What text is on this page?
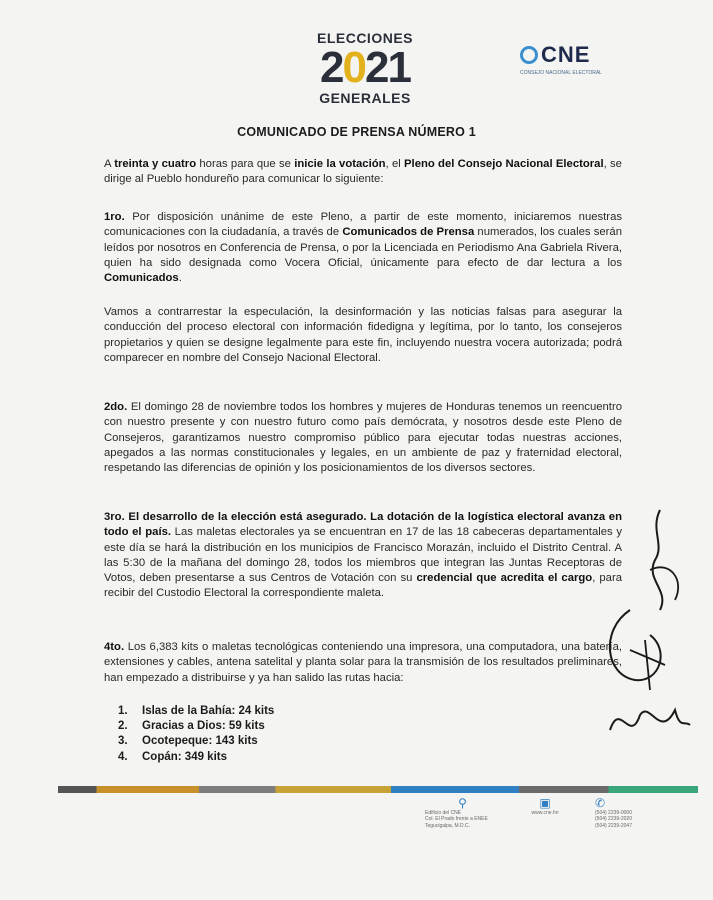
ELECCIONES
2021
GENERALES
CNE
CONSEJO NACIONAL ELECTORAL
COMUNICADO DE PRENSA NÚMERO 1
A treinta y cuatro horas para que se inicie la votación, el Pleno del Consejo Nacional Electoral, se dirige al Pueblo hondureño para comunicar lo siguiente:
1ro. Por disposición unánime de este Pleno, a partir de este momento, iniciaremos nuestras comunicaciones con la ciudadanía, a través de Comunicados de Prensa numerados, los cuales serán leídos por nosotros en Conferencia de Prensa, o por la Licenciada en Periodismo Ana Gabriela Rivera, quien ha sido designada como Vocera Oficial, únicamente para efecto de dar lectura a los Comunicados.
Vamos a contrarrestar la especulación, la desinformación y las noticias falsas para asegurar la conducción del proceso electoral con información fidedigna y legítima, por lo tanto, los consejeros propietarios y quien se designe legalmente para este fin, incluyendo nuestra vocera autorizada; podrá comparecer en nombre del Consejo Nacional Electoral.
2do. El domingo 28 de noviembre todos los hombres y mujeres de Honduras tenemos un reencuentro con nuestro presente y con nuestro futuro como país demócrata, y nosotros desde este Pleno de Consejeros, garantizamos nuestro compromiso público para ejecutar todas nuestras acciones, apegados a las normas constitucionales y legales, en un ambiente de paz y fraternidad electoral, respetando las diferencias de opinión y los posicionamientos de los diversos sectores.
3ro. El desarrollo de la elección está asegurado. La dotación de la logística electoral avanza en todo el país. Las maletas electorales ya se encuentran en 17 de las 18 cabeceras departamentales y este día se hará la distribución en los municipios de Francisco Morazán, incluido el Distrito Central. A las 5:30 de la mañana del domingo 28, todos los miembros que integran las Juntas Receptoras de Votos, deben presentarse a sus Centros de Votación con su credencial que acredita el cargo, para recibir del Custodio Electoral la correspondiente maleta.
4to. Los 6,383 kits o maletas tecnológicas conteniendo una impresora, una computadora, una batería, extensiones y cables, antena satelital y planta solar para la transmisión de los resultados preliminares, han empezado a distribuirse y ya han salido las rutas hacia:
1.	Islas de la Bahía: 24 kits
2.	Gracias a Dios: 59 kits
3.	Ocotepeque: 143 kits
4.	Copán: 349 kits
⚲
Edificio del CNE
Col. El Prado frente a ENEE
Tegucigalpa, M.D.C.
▣
www.cne.hn
✆
(504) 2239-0000
(504) 2239-2020
(504) 2239-2047
